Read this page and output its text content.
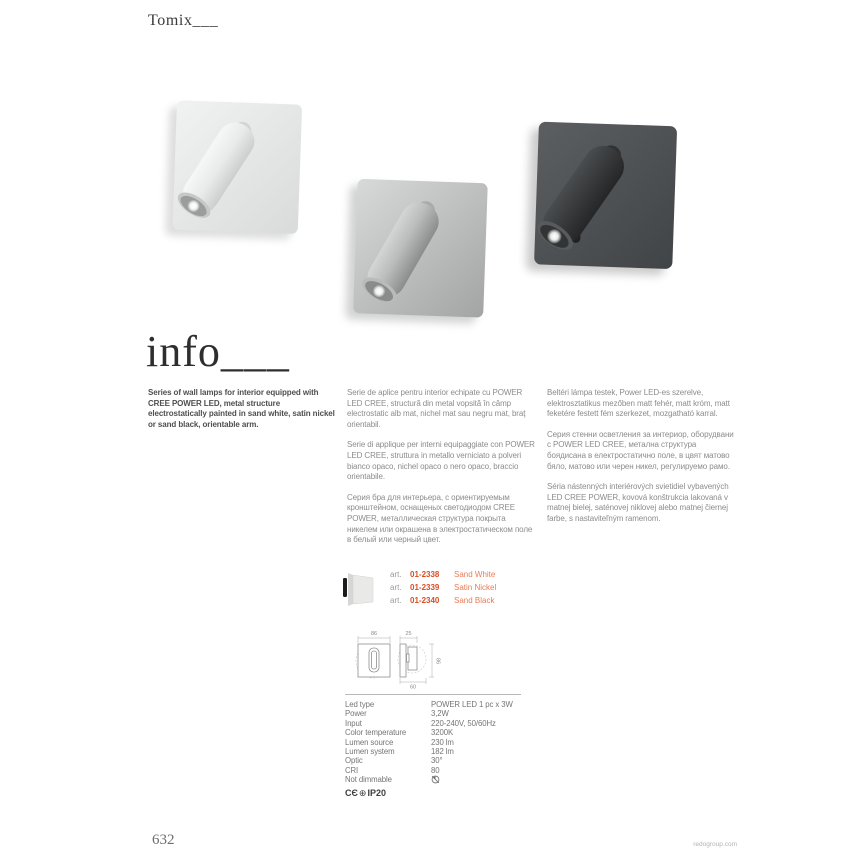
Tomix___
info___

Series of wall lamps for interior equipped with CREE POWER LED, metal structure electrostatically painted in sand white, satin nickel or sand black, orientable arm.

Serie de aplice pentru interior echipate cu POWER LED CREE, structură din metal vopsită în câmp electrostatic alb mat, nichel mat sau negru mat, braţ orientabil.

Serie di applique per interni equipaggiate con POWER LED CREE, struttura in metallo verniciato a polveri bianco opaco, nichel opaco o nero opaco, braccio orientabile.

Серия бра для интерьера, с ориентируемым кронштейном, оснащеных светодиодом CREE POWER, металлическая структура покрыта никелем или окрашена в электростатическом поле в белый или черный цвет.

Beltéri lámpa testek, Power LED-es szerelve, elektrosztatikus mezőben matt fehér, matt króm, matt feketére festett fém szerkezet, mozgatható karral.

Серия стенни осветления за интериор, оборудвани с POWER LED CREE, метална структура боядисана в електростатично поле, в цвят матово бяло, матово или черен никел, регулируемо рамо.

Séria nástenných interiérových svietidiel vybavených LED CREE POWER, kovová konštrukcia lakovaná v matnej bielej, saténovej niklovej alebo matnej čiernej farbe, s nastaviteľným ramenom.

art.	01-2338	Sand White
art.	01-2339	Satin Nickel
art.	01-2340	Sand Black
86	25
60
86
Led type	POWER LED 1 pc x 3W
Power	3,2W
Input	220-240V, 50/60Hz
Color temperature	3200K
Lumen source	230 lm
Lumen system	182 lm
Optic	30°
CRI	80
Not dimmable
CЄ ⊕ IP20
632	redogroup.com
